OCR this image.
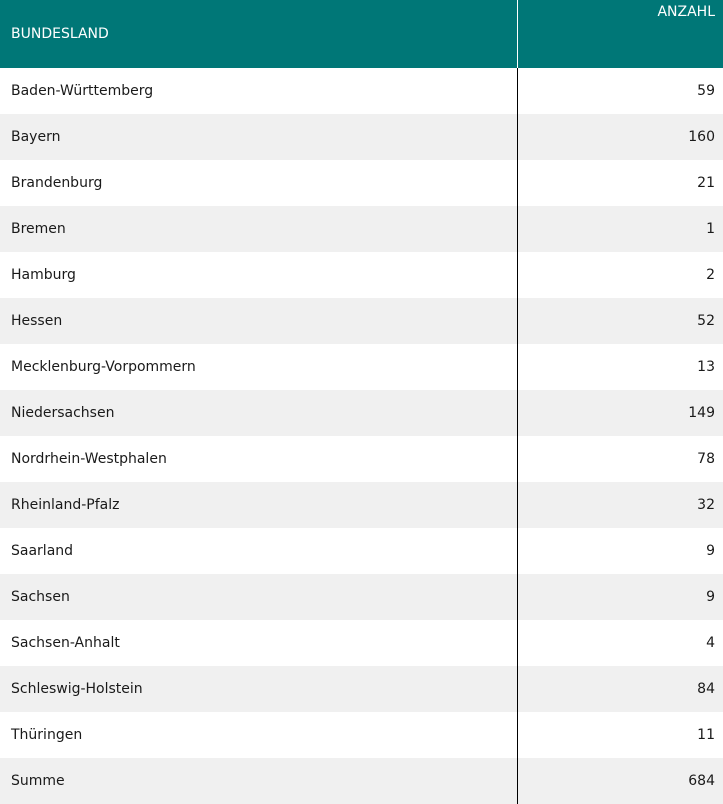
BUNDESLAND	ANZAHL
Baden-Württemberg	59
Bayern	160
Brandenburg	21
Bremen	1
Hamburg	2
Hessen	52
Mecklenburg-Vorpommern	13
Niedersachsen	149
Nordrhein-Westphalen	78
Rheinland-Pfalz	32
Saarland	9
Sachsen	9
Sachsen-Anhalt	4
Schleswig-Holstein	84
Thüringen	11
Summe	684
